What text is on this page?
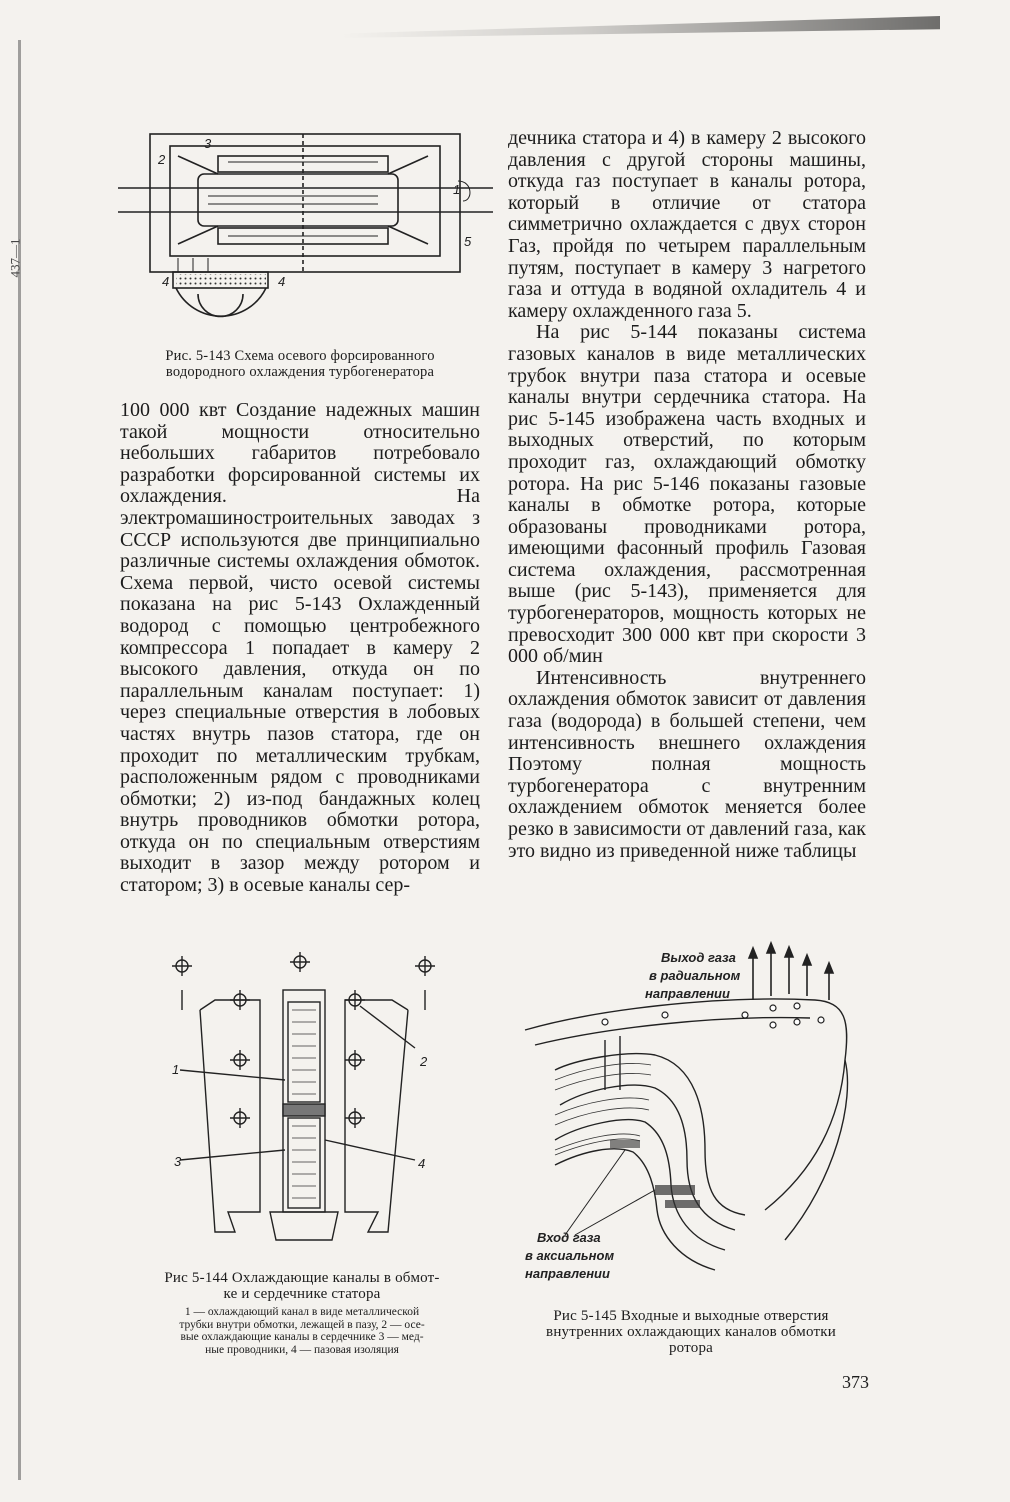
437—1
1
2
3
4	4
5
Рис. 5-143 Схема осевого форсированного
водородного охлаждения турбогенератора

100 000 квт Создание надежных машин такой мощности относительно небольших габаритов потребовало разработки форсированной системы их охлаждения. На электромашиностроительных заводах з СССР используются две принципиально различные системы охлаждения обмоток. Схема первой, чисто осевой системы показана на рис 5-143 Охлажденный водород с помощью центробежного компрессора 1 попадает в камеру 2 высокого давления, откуда он по параллельным каналам поступает: 1) через специальные отверстия в лобовых частях внутрь пазов статора, где он проходит по металлическим трубкам, расположенным рядом с проводниками обмотки; 2) из-под бандажных колец внутрь проводников обмотки ротора, откуда он по специальным отверстиям выходит в зазор между ротором и статором; 3) в осевые каналы сер-

дечника статора и 4) в камеру 2 высокого давления с другой стороны машины, откуда газ поступает в каналы ротора, который в отличие от статора симметрично охлаждается с двух сторон Газ, пройдя по четырем параллельным путям, поступает в камеру 3 нагретого газа и оттуда в водяной охладитель 4 и камеру охлажденного газа 5.

На рис 5-144 показаны система газовых каналов в виде металлических трубок внутри паза статора и осевые каналы внутри сердечника статора. На рис 5-145 изображена часть входных и выходных отверстий, по которым проходит газ, охлаждающий обмотку ротора. На рис 5-146 показаны газовые каналы в обмотке ротора, которые образованы проводниками ротора, имеющими фасонный профиль Газовая система охлаждения, рассмотренная выше (рис 5-143), применяется для турбогенераторов, мощность которых не превосходит 300 000 квт при скорости 3 000 об/мин

Интенсивность внутреннего охлаждения обмоток зависит от давления газа (водорода) в большей степени, чем интенсивность внешнего охлаждения Поэтому полная мощность турбогенератора с внутренним охлаждением обмоток меняется более резко в зависимости от давлений газа, как это видно из приведенной ниже таблицы

1
2
3	4
Рис 5-144 Охлаждающие каналы в обмот-
ке и сердечнике статора
1 — охлаждающий канал в виде металлической
трубки внутри обмотки, лежащей в пазу, 2 — осе-
вые охлаждающие каналы в сердечнике 3 — мед-
ные проводники, 4 — пазовая изоляция
Выход газа
в радиальном
направлении
Вход газа
в аксиальном
направлении
Рис 5-145 Входные и выходные отверстия
внутренних охлаждающих каналов обмотки
ротора
373
